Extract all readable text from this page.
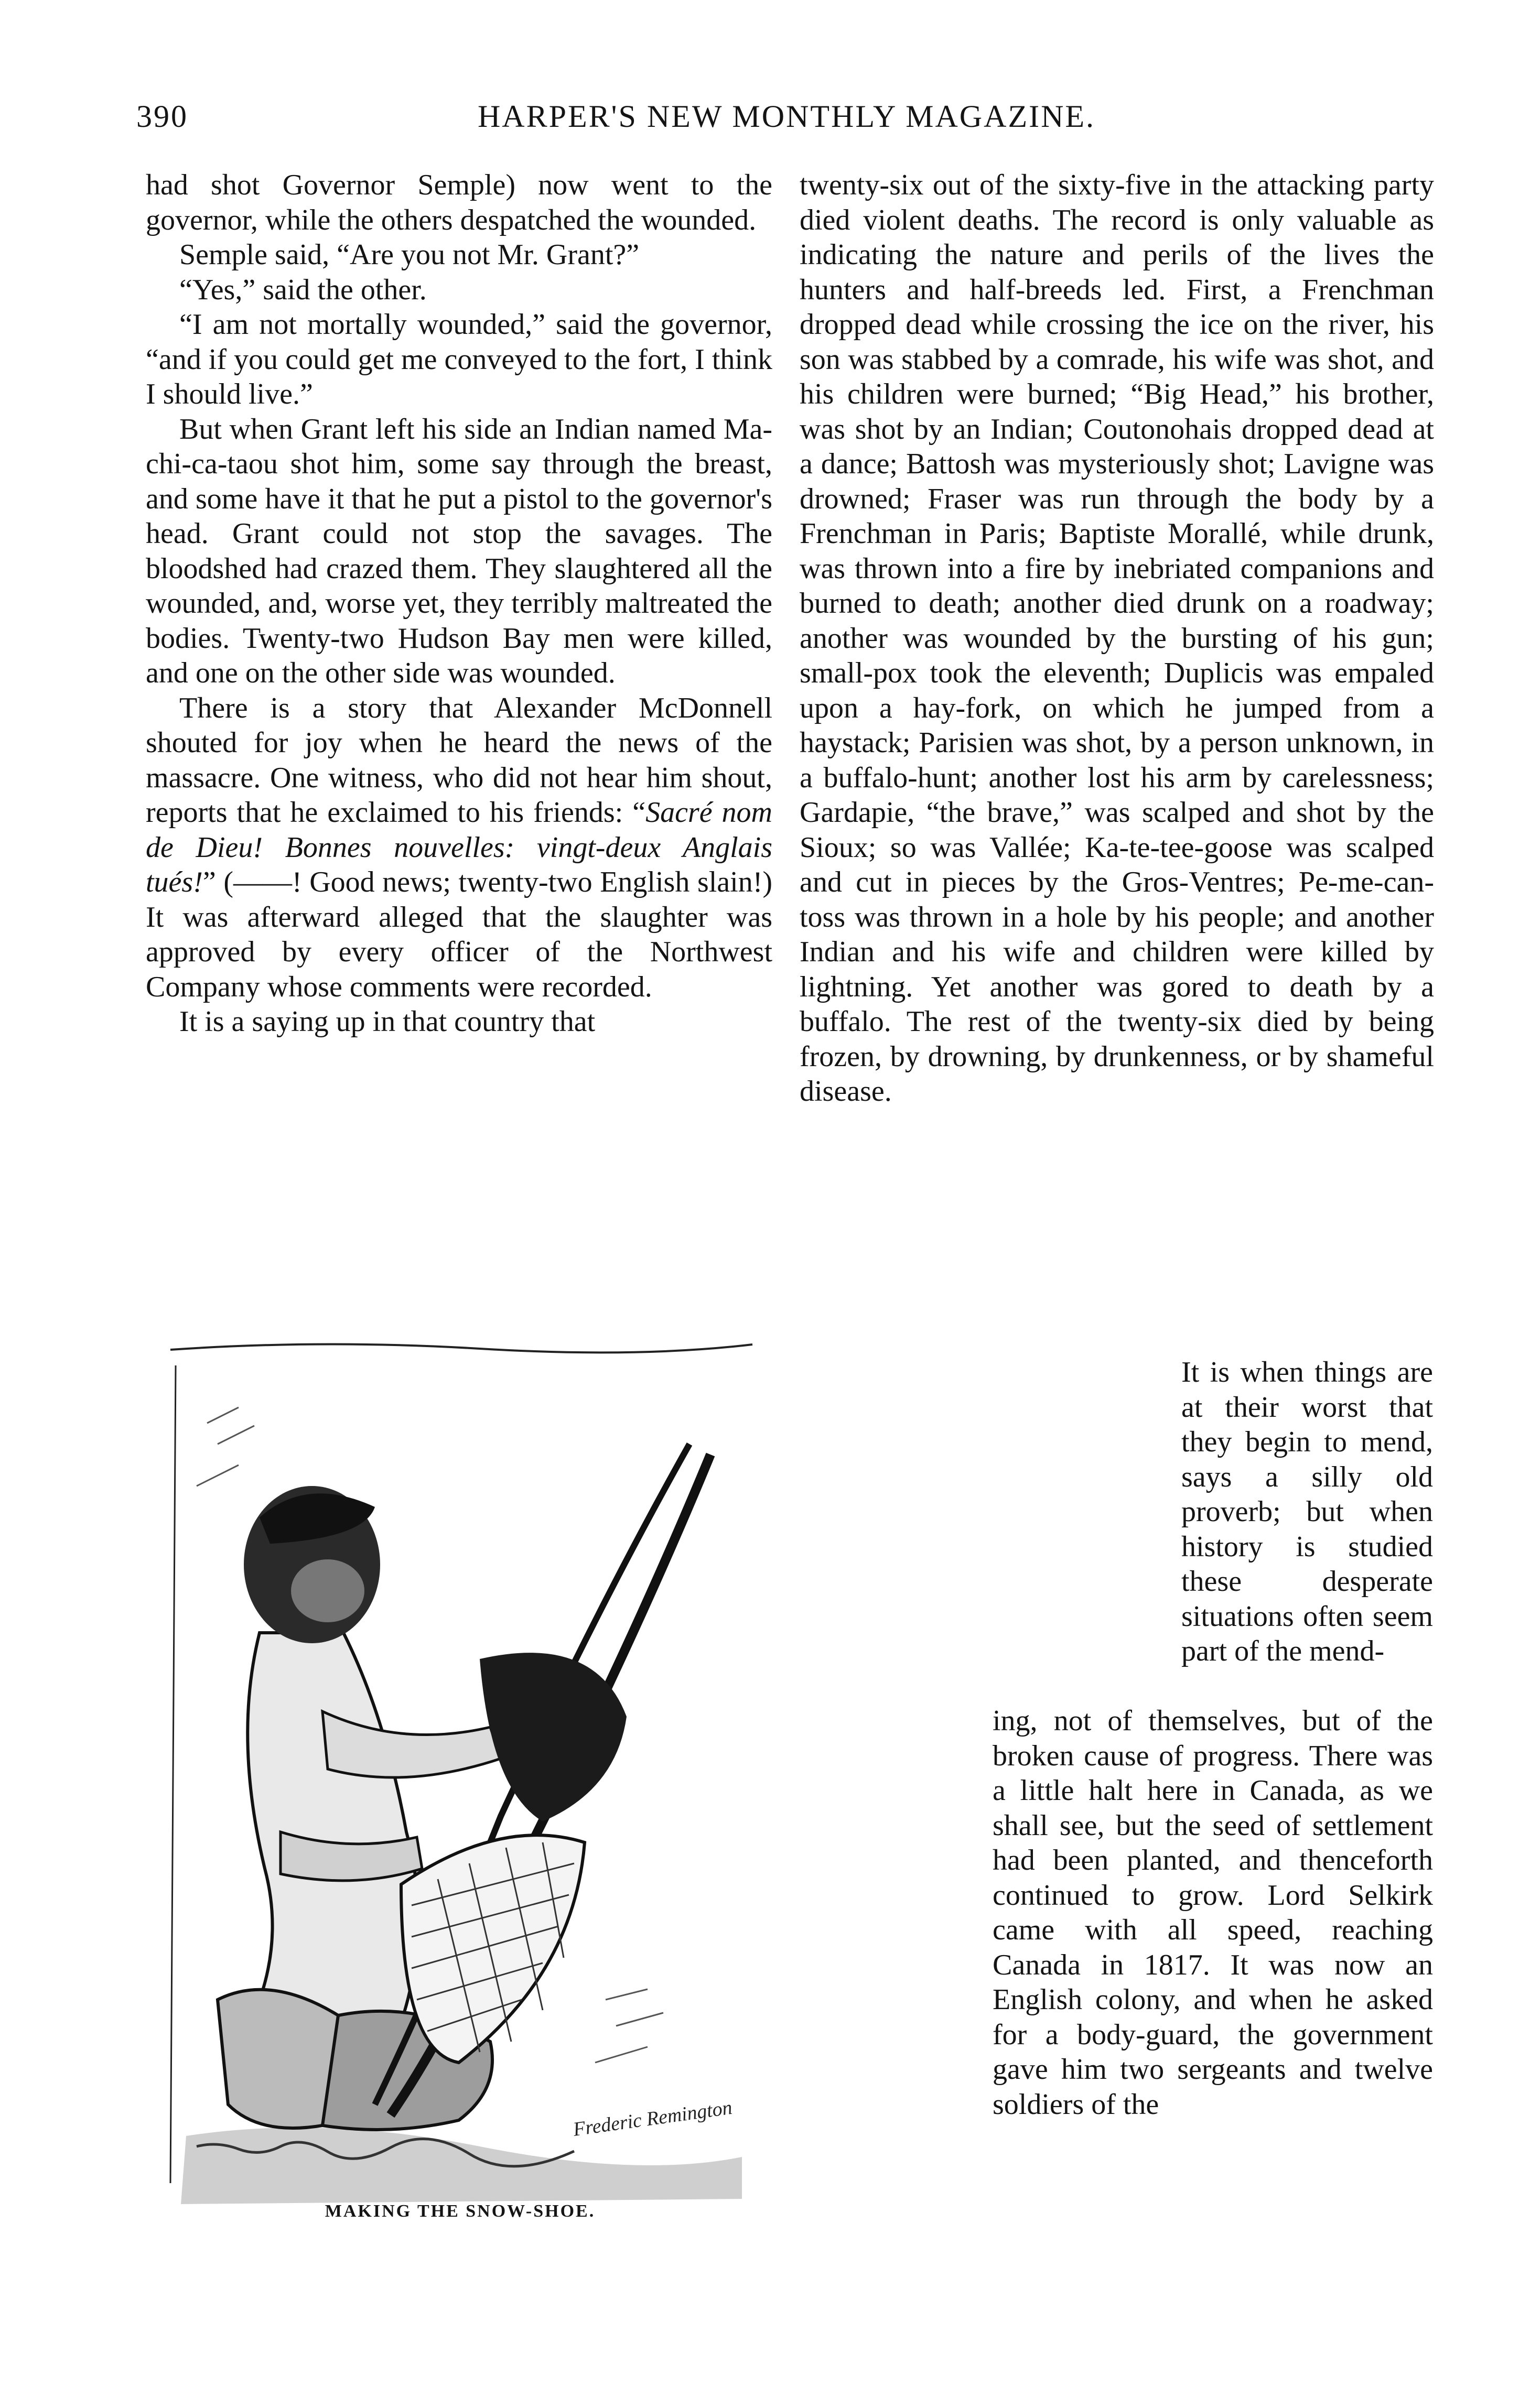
390	HARPER'S NEW MONTHLY MAGAZINE.

had shot Governor Semple) now went to the governor, while the others despatched the wounded.

Semple said, “Are you not Mr. Grant?”

“Yes,” said the other.

“I am not mortally wounded,” said the governor, “and if you could get me conveyed to the fort, I think I should live.”

But when Grant left his side an Indian named Ma-chi-ca-taou shot him, some say through the breast, and some have it that he put a pistol to the governor's head. Grant could not stop the savages. The bloodshed had crazed them. They slaughtered all the wounded, and, worse yet, they terribly maltreated the bodies. Twenty-two Hudson Bay men were killed, and one on the other side was wounded.

There is a story that Alexander McDonnell shouted for joy when he heard the news of the massacre. One witness, who did not hear him shout, reports that he exclaimed to his friends: “Sacré nom de Dieu! Bonnes nouvelles: vingt-deux Anglais tués!” (——! Good news; twenty-two English slain!) It was afterward alleged that the slaughter was approved by every officer of the Northwest Company whose comments were recorded.

It is a saying up in that country that

twenty-six out of the sixty-five in the attacking party died violent deaths. The record is only valuable as indicating the nature and perils of the lives the hunters and half-breeds led. First, a Frenchman dropped dead while crossing the ice on the river, his son was stabbed by a comrade, his wife was shot, and his children were burned; “Big Head,” his brother, was shot by an Indian; Coutonohais dropped dead at a dance; Battosh was mysteriously shot; Lavigne was drowned; Fraser was run through the body by a Frenchman in Paris; Baptiste Morallé, while drunk, was thrown into a fire by inebriated companions and burned to death; another died drunk on a roadway; another was wounded by the bursting of his gun; small-pox took the eleventh; Duplicis was empaled upon a hay-fork, on which he jumped from a haystack; Parisien was shot, by a person unknown, in a buffalo-hunt; another lost his arm by carelessness; Gardapie, “the brave,” was scalped and shot by the Sioux; so was Vallée; Ka-te-tee-goose was scalped and cut in pieces by the Gros-Ventres; Pe-me-can-toss was thrown in a hole by his people; and another Indian and his wife and children were killed by lightning. Yet another was gored to death by a buffalo. The rest of the twenty-six died by being frozen, by drowning, by drunkenness, or by shameful disease.

It is when things are at their worst that they begin to mend, says a silly old proverb; but when history is studied these desperate situations often seem part of the mend-

ing, not of themselves, but of the broken cause of progress. There was a little halt here in Canada, as we shall see, but the seed of settlement had been planted, and thenceforth continued to grow. Lord Selkirk came with all speed, reaching Canada in 1817. It was now an English colony, and when he asked for a body-guard, the government gave him two sergeants and twelve soldiers of the

Frederic Remington
MAKING THE SNOW-SHOE.
